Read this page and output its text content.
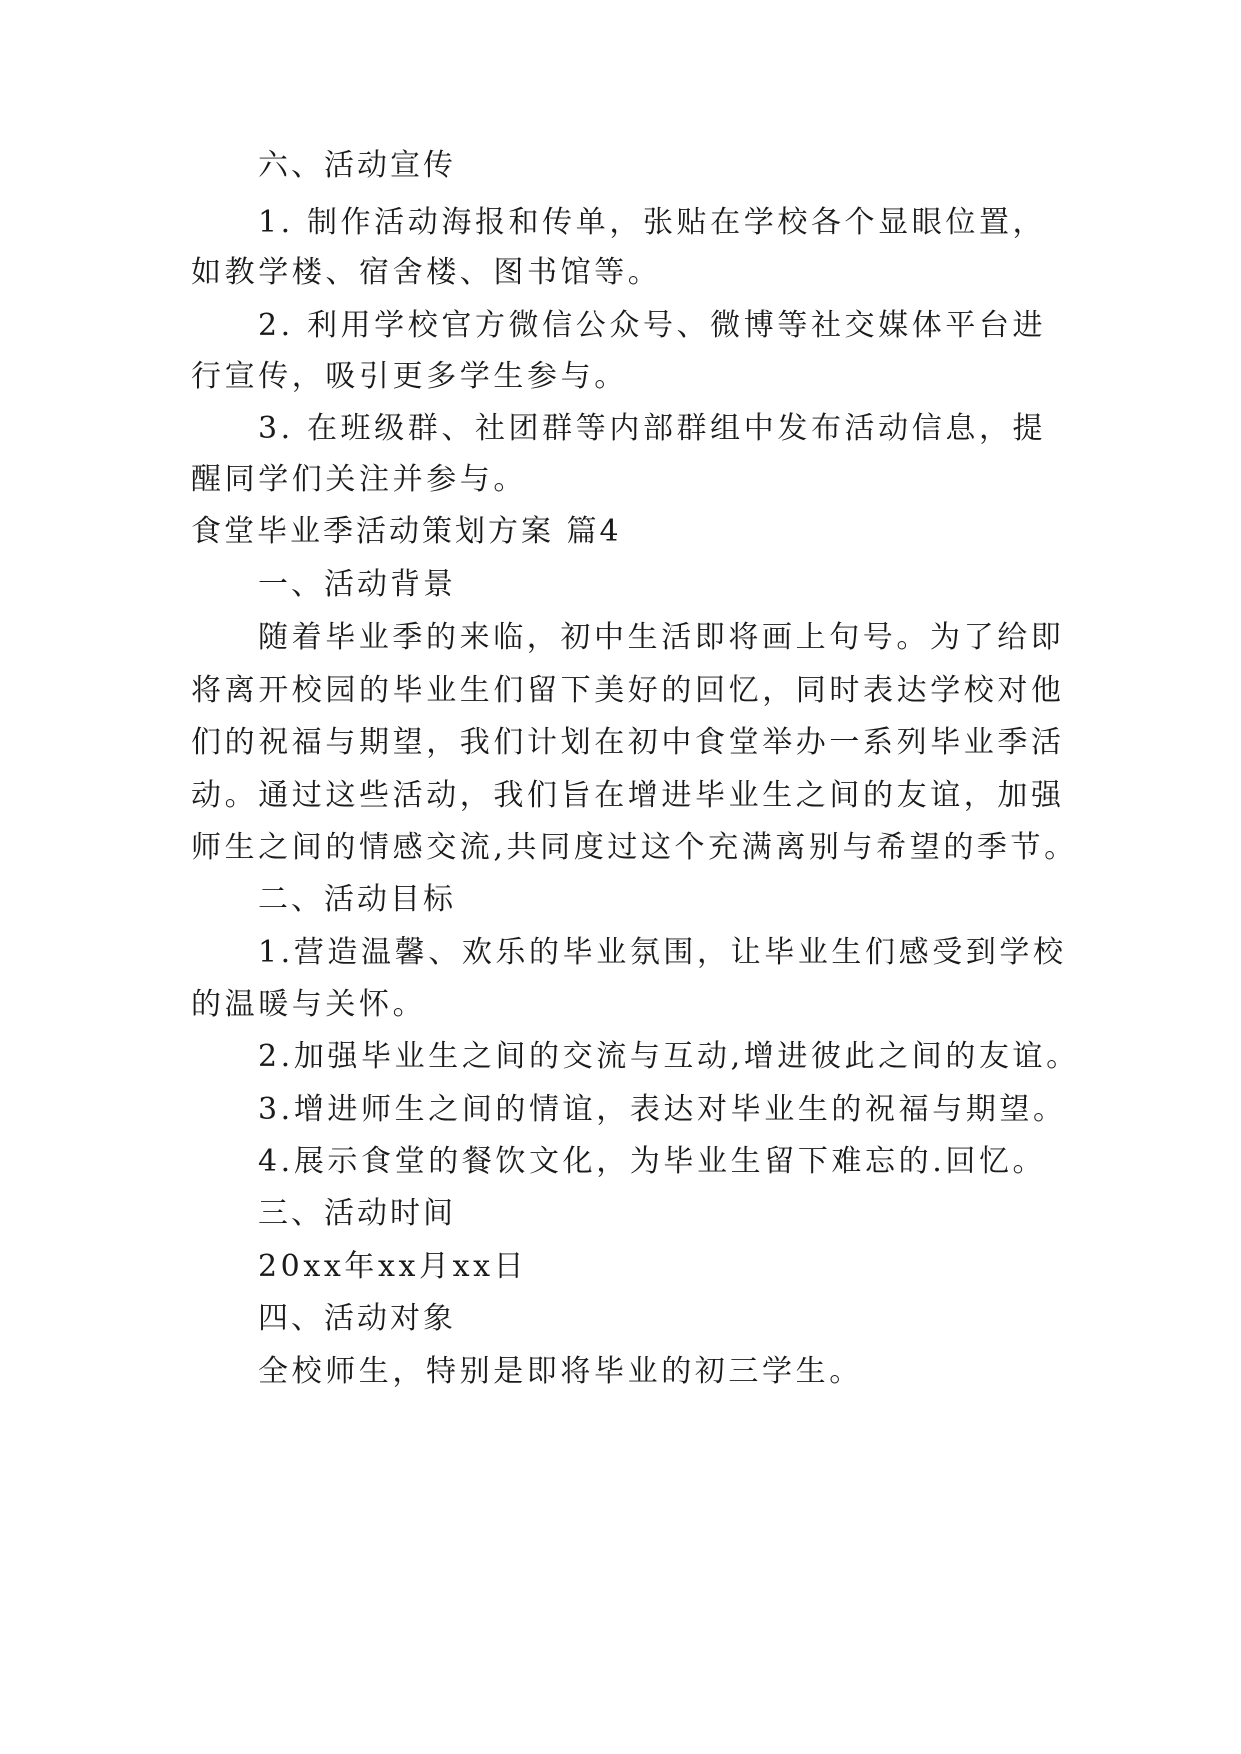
六、活动宣传
1. 制作活动海报和传单，张贴在学校各个显眼位置，
如教学楼、宿舍楼、图书馆等。
2. 利用学校官方微信公众号、微博等社交媒体平台进
行宣传，吸引更多学生参与。
3. 在班级群、社团群等内部群组中发布活动信息，提
醒同学们关注并参与。
食堂毕业季活动策划方案 篇4
一、活动背景
随着毕业季的来临，初中生活即将画上句号。为了给即
将离开校园的毕业生们留下美好的回忆，同时表达学校对他
们的祝福与期望，我们计划在初中食堂举办一系列毕业季活
动。通过这些活动，我们旨在增进毕业生之间的友谊，加强
师生之间的情感交流,共同度过这个充满离别与希望的季节。
二、活动目标
1.营造温馨、欢乐的毕业氛围，让毕业生们感受到学校
的温暖与关怀。
2.加强毕业生之间的交流与互动,增进彼此之间的友谊。
3.增进师生之间的情谊，表达对毕业生的祝福与期望。
4.展示食堂的餐饮文化，为毕业生留下难忘的.回忆。
三、活动时间
20xx年xx月xx日
四、活动对象
全校师生，特别是即将毕业的初三学生。
